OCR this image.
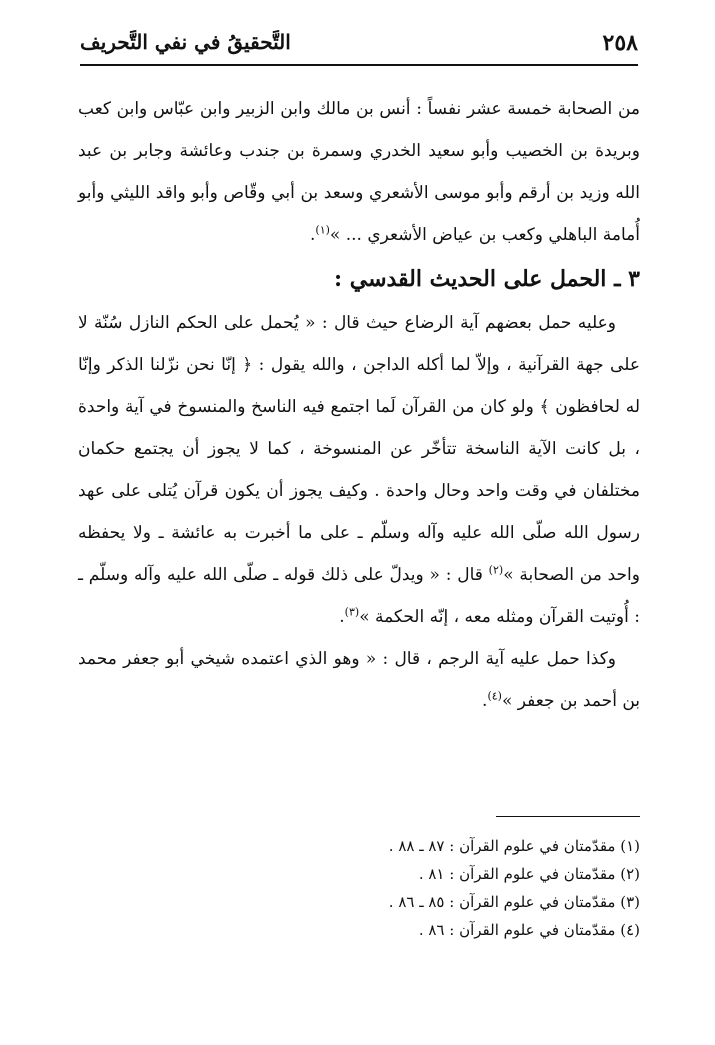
٢٥٨
التَّحقيقُ في نفي التَّحريف

من الصحابة خمسة عشر نفساً : أنس بن مالك وابن الزبير وابن عبّاس وابن كعب وبريدة بن الخصيب وأبو سعيد الخدري وسمرة بن جندب وعائشة وجابر بن عبد الله وزيد بن أرقم وأبو موسى الأشعري وسعد بن أبي وقّاص وأبو واقد الليثي وأبو أُمامة الباهلي وكعب بن عياض الأشعري ... »$^{(١)}$.

٣ ـ الحمل على الحديث القدسي :

وعليه حمل بعضهم آية الرضاع حيث قال : « يُحمل على الحكم النازل سُنّة لا على جهة القرآنية ، وإلاّ لما أكله الداجن ، والله يقول : ﴿ إنّا نحن نزّلنا الذكر وإنّا له لحافظون ﴾ ولو كان من القرآن لَما اجتمع فيه الناسخ والمنسوخ في آية واحدة ، بل كانت الآية الناسخة تتأخّر عن المنسوخة ، كما لا يجوز أن يجتمع حكمان مختلفان في وقت واحد وحال واحدة . وكيف يجوز أن يكون قرآن يُتلى على عهد رسول الله صلّى الله عليه وآله وسلّم ـ على ما أخبرت به عائشة ـ ولا يحفظه واحد من الصحابة »$^{(٢)}$ قال : « ويدلّ على ذلك قوله ـ صلّى الله عليه وآله وسلّم ـ : أُوتيت القرآن ومثله معه ، إنّه الحكمة »$^{(٣)}$.

وكذا حمل عليه آية الرجم ، قال : « وهو الذي اعتمده شيخي أبو جعفر محمد بن أحمد بن جعفر »$^{(٤)}$.

(١) مقدّمتان في علوم القرآن : ٨٧ ـ ٨٨ .
(٢) مقدّمتان في علوم القرآن : ٨١ .
(٣) مقدّمتان في علوم القرآن : ٨٥ ـ ٨٦ .
(٤) مقدّمتان في علوم القرآن : ٨٦ .
